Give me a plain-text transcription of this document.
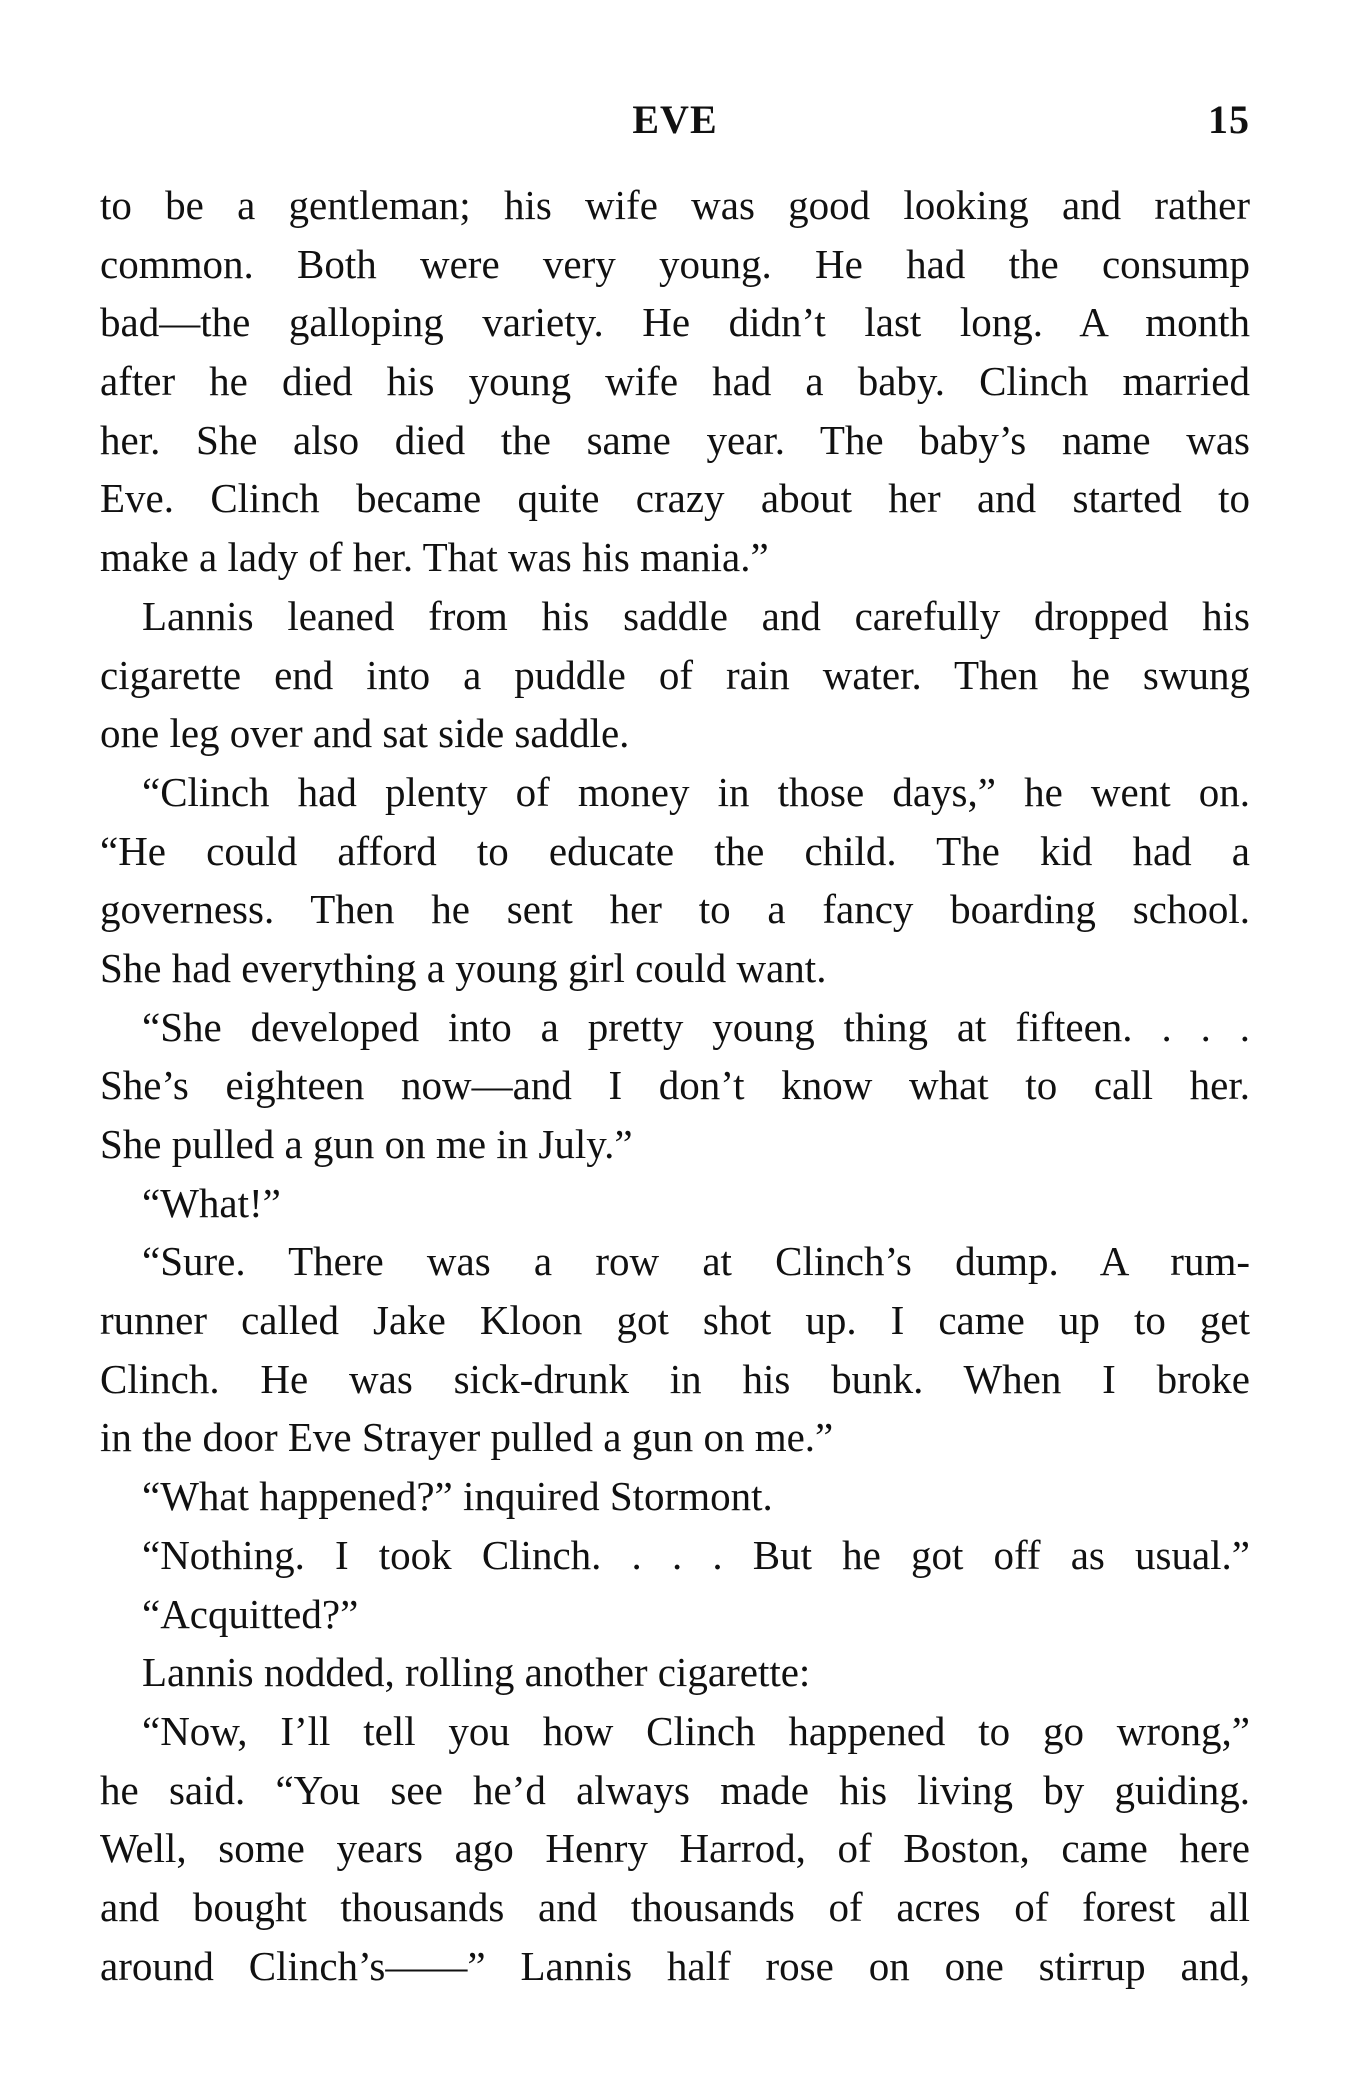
EVE	15
to be a gentleman; his wife was good looking and rather
common. Both were very young. He had the consump
bad—the galloping variety. He didn’t last long. A month
after he died his young wife had a baby. Clinch married
her. She also died the same year. The baby’s name was
Eve. Clinch became quite crazy about her and started to
make a lady of her. That was his mania.”
Lannis leaned from his saddle and carefully dropped his
cigarette end into a puddle of rain water. Then he swung
one leg over and sat side saddle.
“Clinch had plenty of money in those days,” he went on.
“He could afford to educate the child. The kid had a
governess. Then he sent her to a fancy boarding school.
She had everything a young girl could want.
“She developed into a pretty young thing at fifteen. . . .
She’s eighteen now—and I don’t know what to call her.
She pulled a gun on me in July.”
“What!”
“Sure. There was a row at Clinch’s dump. A rum-
runner called Jake Kloon got shot up. I came up to get
Clinch. He was sick-drunk in his bunk. When I broke
in the door Eve Strayer pulled a gun on me.”
“What happened?” inquired Stormont.
“Nothing. I took Clinch. . . . But he got off as usual.”
“Acquitted?”
Lannis nodded, rolling another cigarette:
“Now, I’ll tell you how Clinch happened to go wrong,”
he said. “You see he’d always made his living by guiding.
Well, some years ago Henry Harrod, of Boston, came here
and bought thousands and thousands of acres of forest all
around Clinch’s——” Lannis half rose on one stirrup and,
